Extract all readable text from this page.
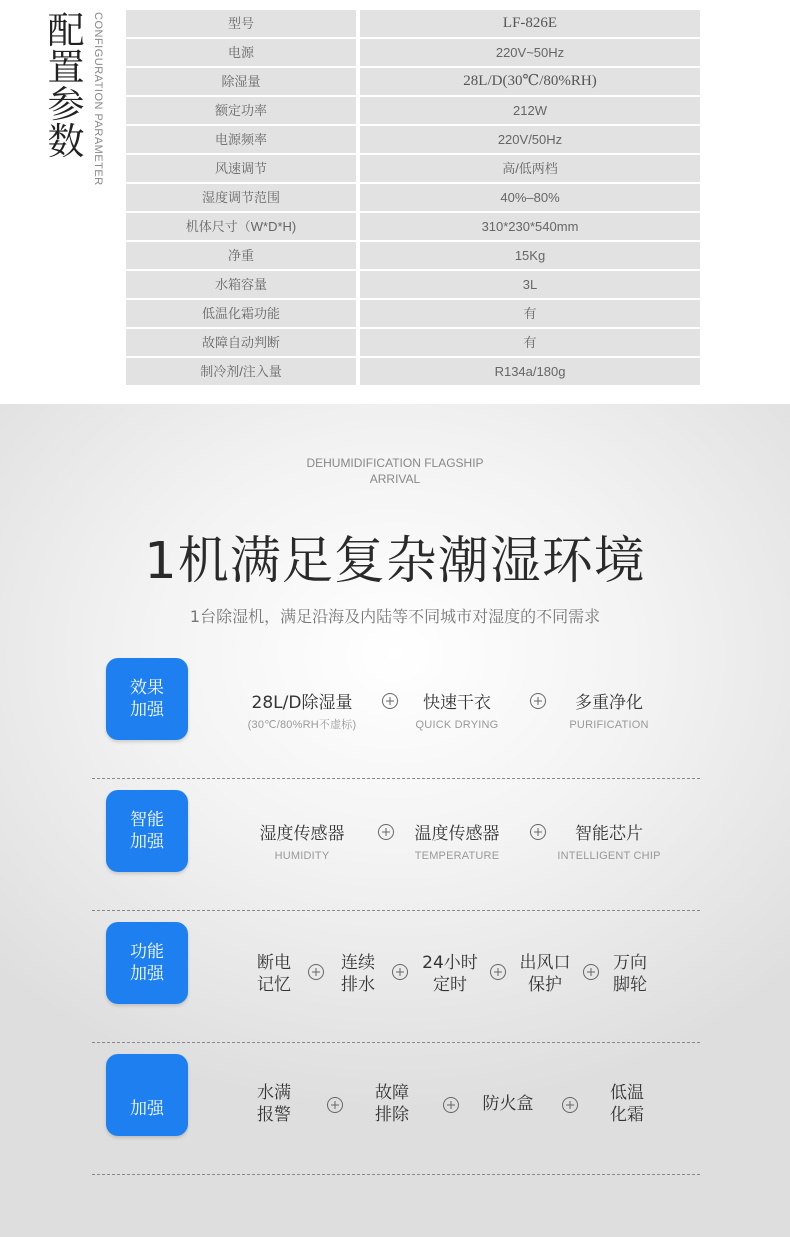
配
置
参
数 CONFIGURATION PARAMETER	型号	LF-826E
电源	220V~50Hz
除湿量	28L/D(30℃/80%RH)
额定功率	212W
电源频率	220V/50Hz
风速调节	高/低两档
湿度调节范围	40%–80%
机体尺寸（W*D*H)	310*230*540mm
净重	15Kg
水箱容量	3L
低温化霜功能	有
故障自动判断	有
制冷剂/注入量	R134a/180g
DEHUMIDIFICATION FLAGSHIP
ARRIVAL
1机满足复杂潮湿环境
1台除湿机，满足沿海及内陆等不同城市对湿度的不同需求
效果
加强	28L/D除湿量
(30℃/80%RH不虚标)
快速干衣
QUICK DRYING
多重净化
PURIFICATION
智能
加强	湿度传感器
HUMIDITY
温度传感器
TEMPERATURE
智能芯片
INTELLIGENT CHIP
功能
加强
断电
记忆
连续
排水
24小时
定时
出风口
保护
万向
脚轮
加强
水满
报警
故障
排除
防火盒
低温
化霜
